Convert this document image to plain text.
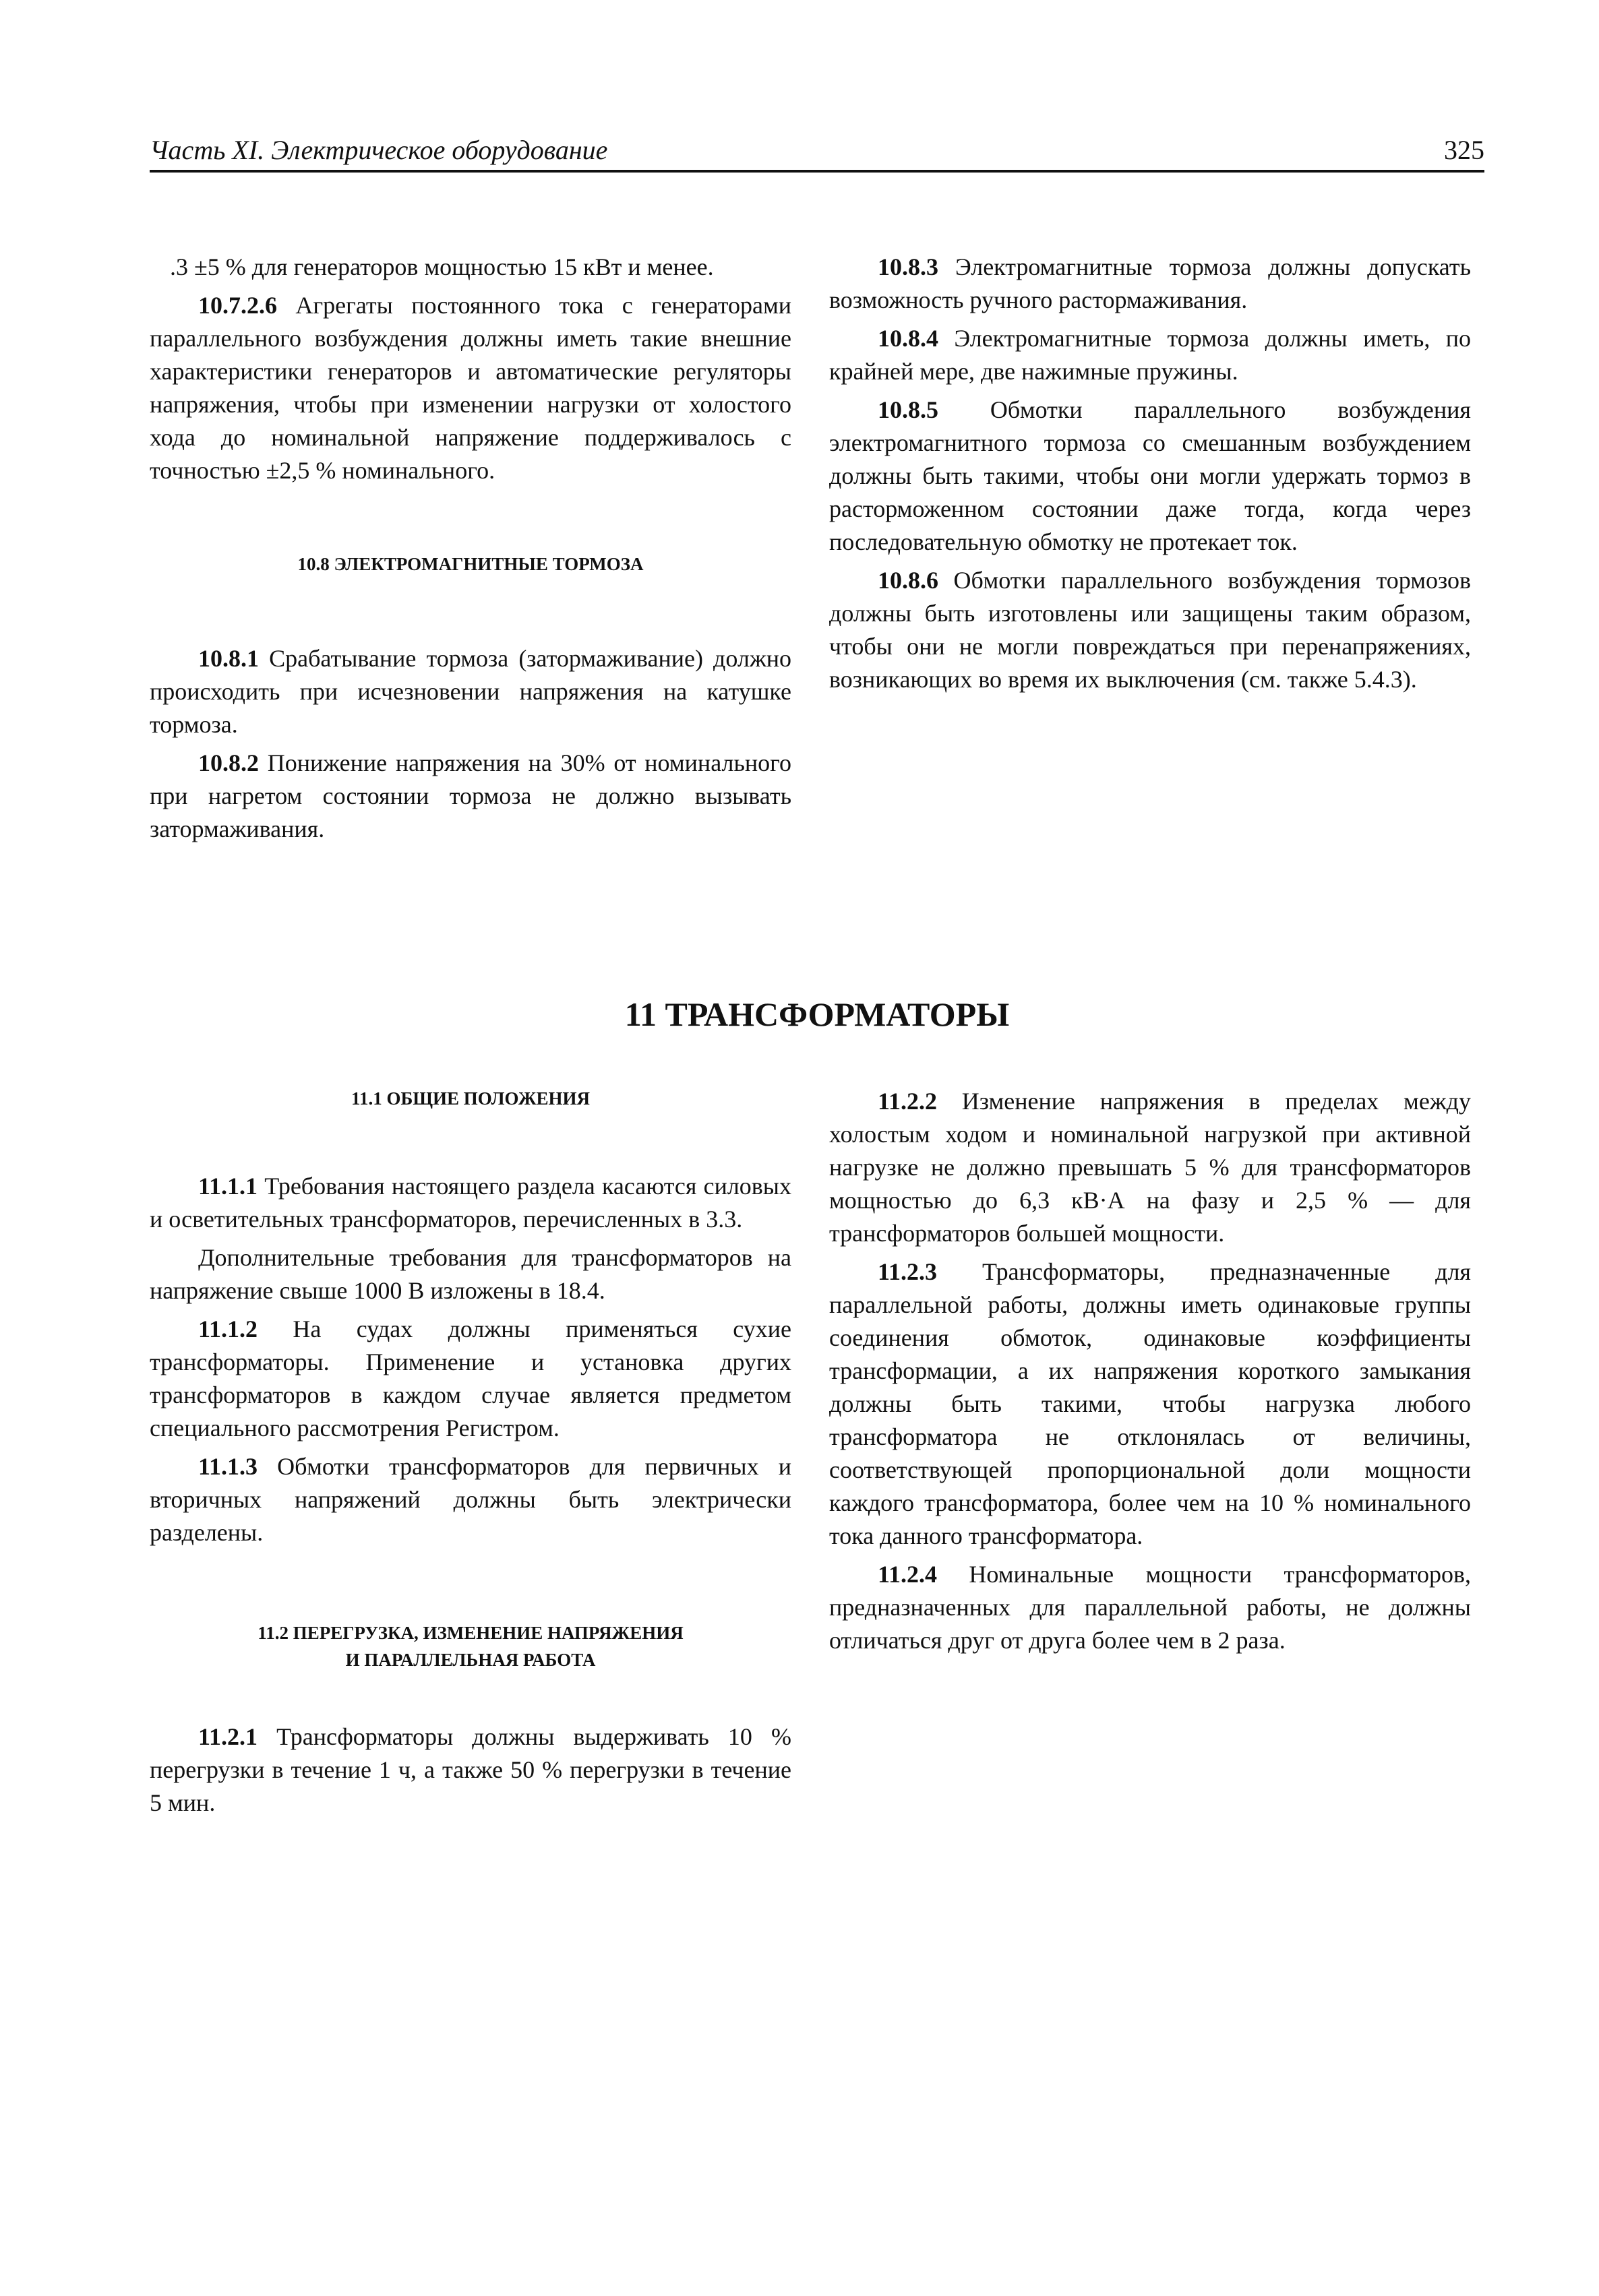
Часть XI. Электрическое оборудование	325

.3 ±5 % для генераторов мощностью 15 кВт и менее.

10.7.2.6 Агрегаты постоянного тока с генераторами параллельного возбуждения должны иметь такие внешние характеристики генераторов и автоматические регуляторы напряжения, чтобы при изменении нагрузки от холостого хода до номинальной напряжение поддерживалось с точностью ±2,5 % номинального.

10.8 ЭЛЕКТРОМАГНИТНЫЕ ТОРМОЗА

10.8.1 Срабатывание тормоза (затормаживание) должно происходить при исчезновении напряжения на катушке тормоза.

10.8.2 Понижение напряжения на 30% от номинального при нагретом состоянии тормоза не должно вызывать затормаживания.

10.8.3 Электромагнитные тормоза должны допускать возможность ручного растормаживания.

10.8.4 Электромагнитные тормоза должны иметь, по крайней мере, две нажимные пружины.

10.8.5 Обмотки параллельного возбуждения электромагнитного тормоза со смешанным возбуждением должны быть такими, чтобы они могли удержать тормоз в расторможенном состоянии даже тогда, когда через последовательную обмотку не протекает ток.

10.8.6 Обмотки параллельного возбуждения тормозов должны быть изготовлены или защищены таким образом, чтобы они не могли повреждаться при перенапряжениях, возникающих во время их выключения (см. также 5.4.3).

11 ТРАНСФОРМАТОРЫ
11.1 ОБЩИЕ ПОЛОЖЕНИЯ

11.1.1 Требования настоящего раздела касаются силовых и осветительных трансформаторов, перечисленных в 3.3.

Дополнительные требования для трансформаторов на напряжение свыше 1000 В изложены в 18.4.

11.1.2 На судах должны применяться сухие трансформаторы. Применение и установка других трансформаторов в каждом случае является предметом специального рассмотрения Регистром.

11.1.3 Обмотки трансформаторов для первичных и вторичных напряжений должны быть электрически разделены.

11.2 ПЕРЕГРУЗКА, ИЗМЕНЕНИЕ НАПРЯЖЕНИЯ
И ПАРАЛЛЕЛЬНАЯ РАБОТА

11.2.1 Трансформаторы должны выдерживать 10 % перегрузки в течение 1 ч, а также 50 % перегрузки в течение 5 мин.

11.2.2 Изменение напряжения в пределах между холостым ходом и номинальной нагрузкой при активной нагрузке не должно превышать 5 % для трансформаторов мощностью до 6,3 кВ·А на фазу и 2,5 % — для трансформаторов большей мощности.

11.2.3 Трансформаторы, предназначенные для параллельной работы, должны иметь одинаковые группы соединения обмоток, одинаковые коэффициенты трансформации, а их напряжения короткого замыкания должны быть такими, чтобы нагрузка любого трансформатора не отклонялась от величины, соответствующей пропорциональной доли мощности каждого трансформатора, более чем на 10 % номинального тока данного трансформатора.

11.2.4 Номинальные мощности трансформаторов, предназначенных для параллельной работы, не должны отличаться друг от друга более чем в 2 раза.
